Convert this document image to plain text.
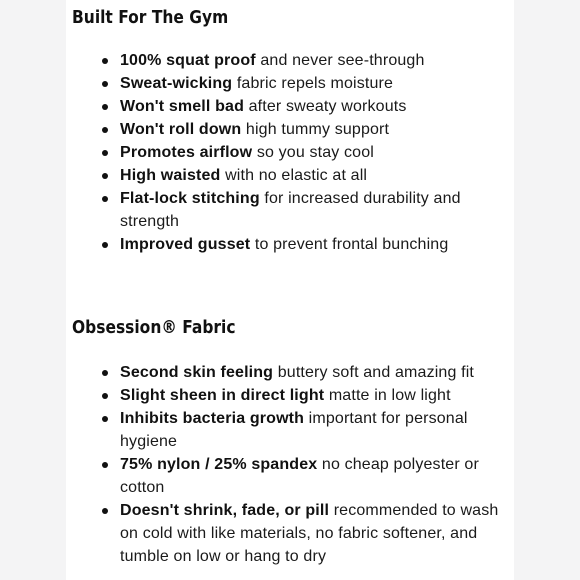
Built For The Gym
100% squat proof and never see-through
Sweat-wicking fabric repels moisture
Won't smell bad after sweaty workouts
Won't roll down high tummy support
Promotes airflow so you stay cool
High waisted with no elastic at all
Flat-lock stitching for increased durability and strength
Improved gusset to prevent frontal bunching
Obsession® Fabric
Second skin feeling buttery soft and amazing fit
Slight sheen in direct light matte in low light
Inhibits bacteria growth important for personal hygiene
75% nylon / 25% spandex no cheap polyester or cotton
Doesn't shrink, fade, or pill recommended to wash on cold with like materials, no fabric softener, and tumble on low or hang to dry
